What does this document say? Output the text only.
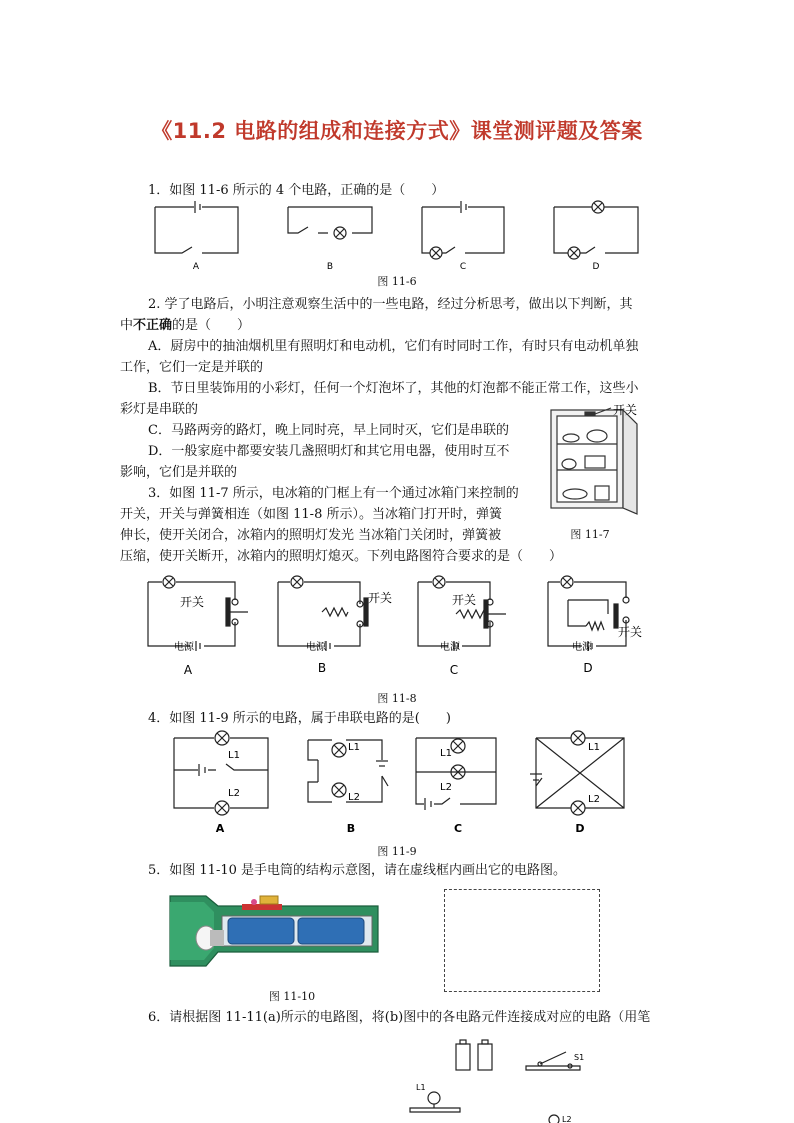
《11.2 电路的组成和连接方式》课堂测评题及答案
1．如图 11-6 所示的 4 个电路，正确的是（　　）
A	B	C	D
图 11-6
2. 学了电路后，小明注意观察生活中的一些电路，经过分析思考，做出以下判断，其
中不正确的是（　　）
A．厨房中的抽油烟机里有照明灯和电动机，它们有时同时工作，有时只有电动机单独
工作，它们一定是并联的
B．节日里装饰用的小彩灯，任何一个灯泡坏了，其他的灯泡都不能正常工作，这些小
彩灯是串联的
C．马路两旁的路灯，晚上同时亮，早上同时灭，它们是串联的
D．一般家庭中都要安装几盏照明灯和其它用电器，使用时互不
影响，它们是并联的
开关
图 11-7
3．如图 11-7 所示，电冰箱的门框上有一个通过冰箱门来控制的
开关，开关与弹簧相连（如图 11-8 所示）。当冰箱门打开时，弹簧
伸长，使开关闭合，冰箱内的照明灯发光 当冰箱门关闭时，弹簧被
压缩，使开关断开，冰箱内的照明灯熄灭。下列电路图符合要求的是（　　）
开关	开关	开关
开关
电源	电源	电源	电源
A	B	C	D
图 11-8
4．如图 11-9 所示的电路，属于串联电路的是(　　)
L1
L2
L1
L2
L1
L2
L1
L2
A	B	C	D
图 11-9
5．如图 11-10 是手电筒的结构示意图，请在虚线框内画出它的电路图。
图 11-10
6．请根据图 11-11(a)所示的电路图，将(b)图中的各电路元件连接成对应的电路（用笔
S1
L1
L2
